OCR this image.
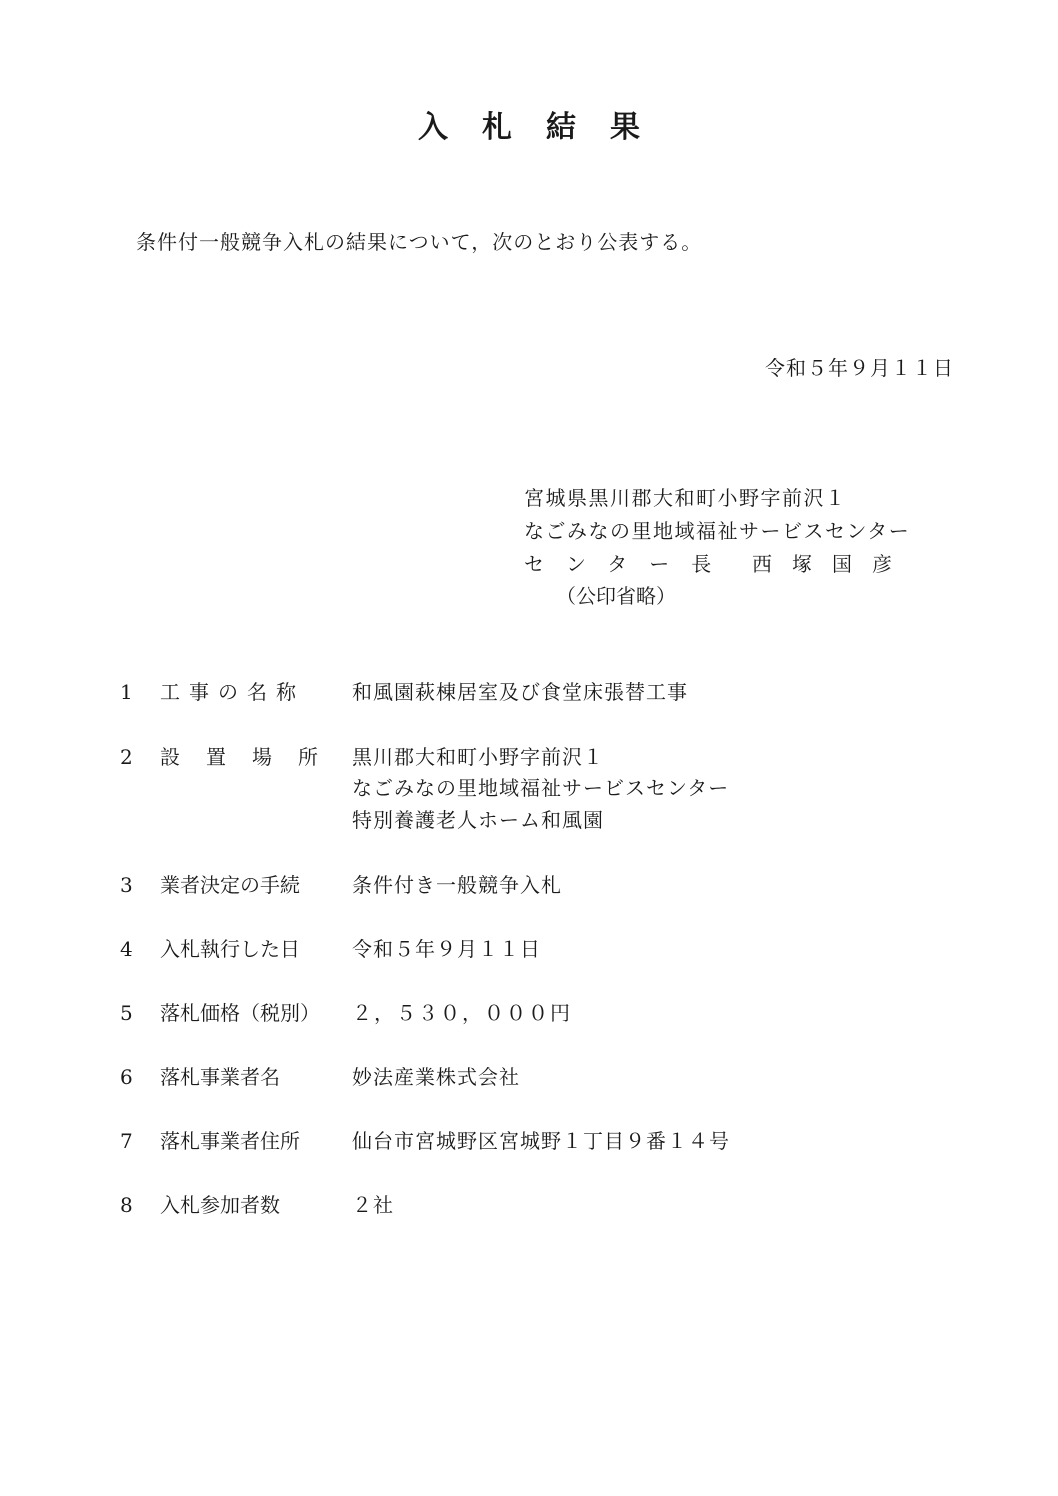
入札結果
条件付一般競争入札の結果について，次のとおり公表する。
令和５年９月１１日
宮城県黒川郡大和町小野字前沢１
なごみなの里地域福祉サービスセンター
センター長 西塚国彦
（公印省略）
1 工事の名称 和風園萩棟居室及び食堂床張替工事
2 設置場所 黒川郡大和町小野字前沢１
なごみなの里地域福祉サービスセンター
特別養護老人ホーム和風園
3 業者決定の手続	条件付き一般競争入札
4 入札執行した日	令和５年９月１１日
5 落札価格（税別） ２，５３０，０００円
6 落札事業者名	妙法産業株式会社
7 落札事業者住所	仙台市宮城野区宮城野１丁目９番１４号
8 入札参加者数	２社
